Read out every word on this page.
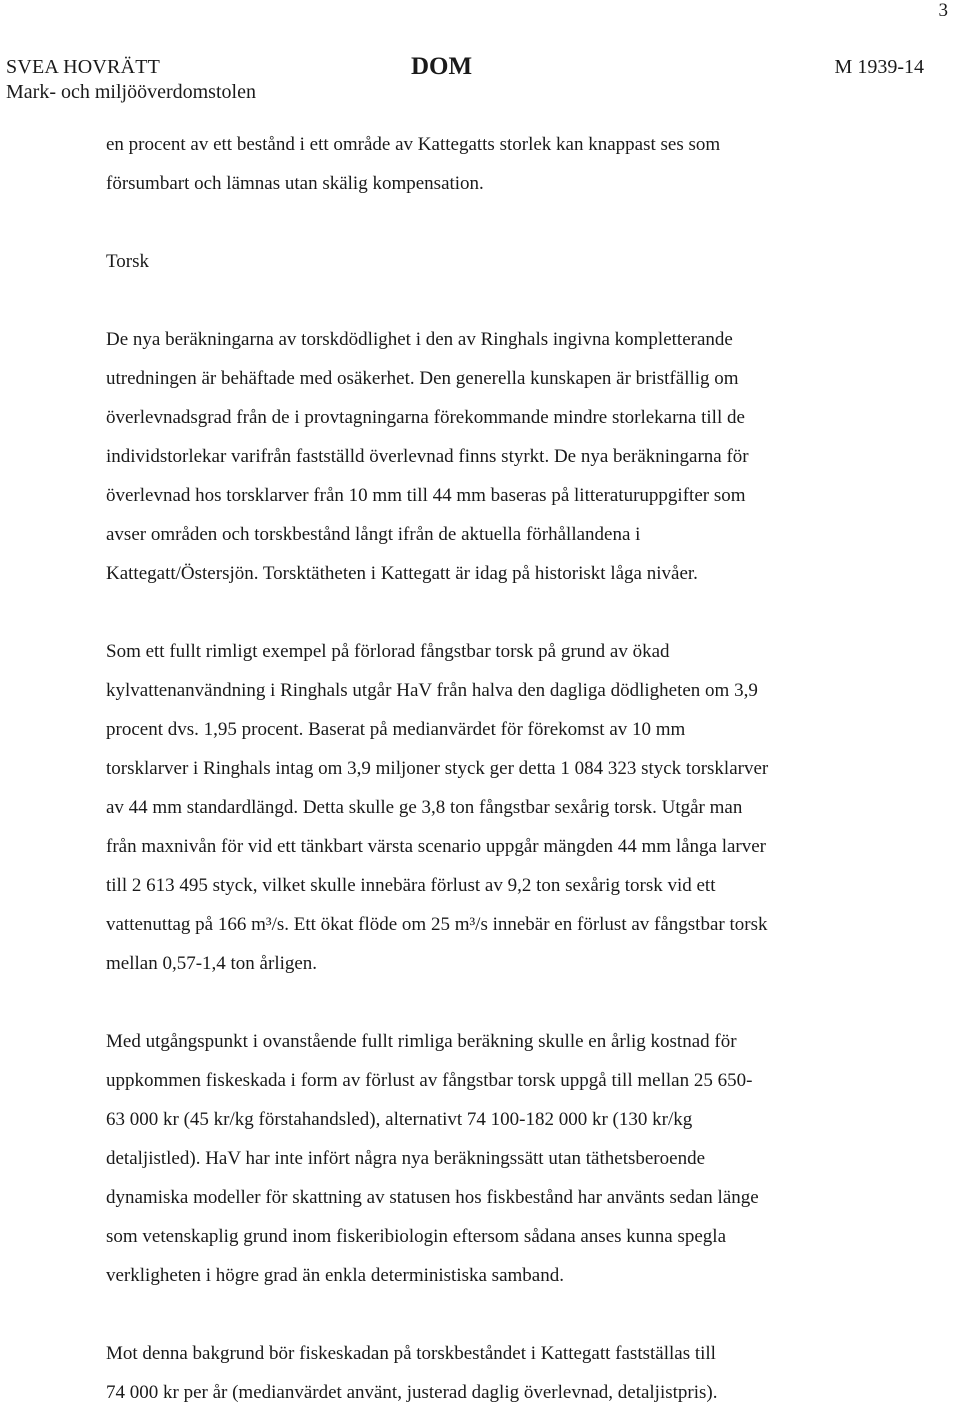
3
SVEA HOVRÄTT
Mark- och miljööverdomstolen
DOM	M 1939-14

en procent av ett bestånd i ett område av Kattegatts storlek kan knappast ses som
försumbart och lämnas utan skälig kompensation.

Torsk

De nya beräkningarna av torskdödlighet i den av Ringhals ingivna kompletterande
utredningen är behäftade med osäkerhet. Den generella kunskapen är bristfällig om
överlevnadsgrad från de i provtagningarna förekommande mindre storlekarna till de
individstorlekar varifrån fastställd överlevnad finns styrkt. De nya beräkningarna för
överlevnad hos torsklarver från 10 mm till 44 mm baseras på litteraturuppgifter som
avser områden och torskbestånd långt ifrån de aktuella förhållandena i
Kattegatt/Östersjön. Torsktätheten i Kattegatt är idag på historiskt låga nivåer.

Som ett fullt rimligt exempel på förlorad fångstbar torsk på grund av ökad
kylvattenanvändning i Ringhals utgår HaV från halva den dagliga dödligheten om 3,9
procent dvs. 1,95 procent. Baserat på medianvärdet för förekomst av 10 mm
torsklarver i Ringhals intag om 3,9 miljoner styck ger detta 1 084 323 styck torsklarver
av 44 mm standardlängd. Detta skulle ge 3,8 ton fångstbar sexårig torsk. Utgår man
från maxnivån för vid ett tänkbart värsta scenario uppgår mängden 44 mm långa larver
till 2 613 495 styck, vilket skulle innebära förlust av 9,2 ton sexårig torsk vid ett
vattenuttag på 166 m³/s. Ett ökat flöde om 25 m³/s innebär en förlust av fångstbar torsk
mellan 0,57-1,4 ton årligen.

Med utgångspunkt i ovanstående fullt rimliga beräkning skulle en årlig kostnad för
uppkommen fiskeskada i form av förlust av fångstbar torsk uppgå till mellan 25 650-
63 000 kr (45 kr/kg förstahandsled), alternativt 74 100-182 000 kr (130 kr/kg
detaljistled). HaV har inte infört några nya beräkningssätt utan täthetsberoende
dynamiska modeller för skattning av statusen hos fiskbestånd har använts sedan länge
som vetenskaplig grund inom fiskeribiologin eftersom sådana anses kunna spegla
verkligheten i högre grad än enkla deterministiska samband.

Mot denna bakgrund bör fiskeskadan på torskbeståndet i Kattegatt fastställas till
74 000 kr per år (medianvärdet använt, justerad daglig överlevnad, detaljistpris).
